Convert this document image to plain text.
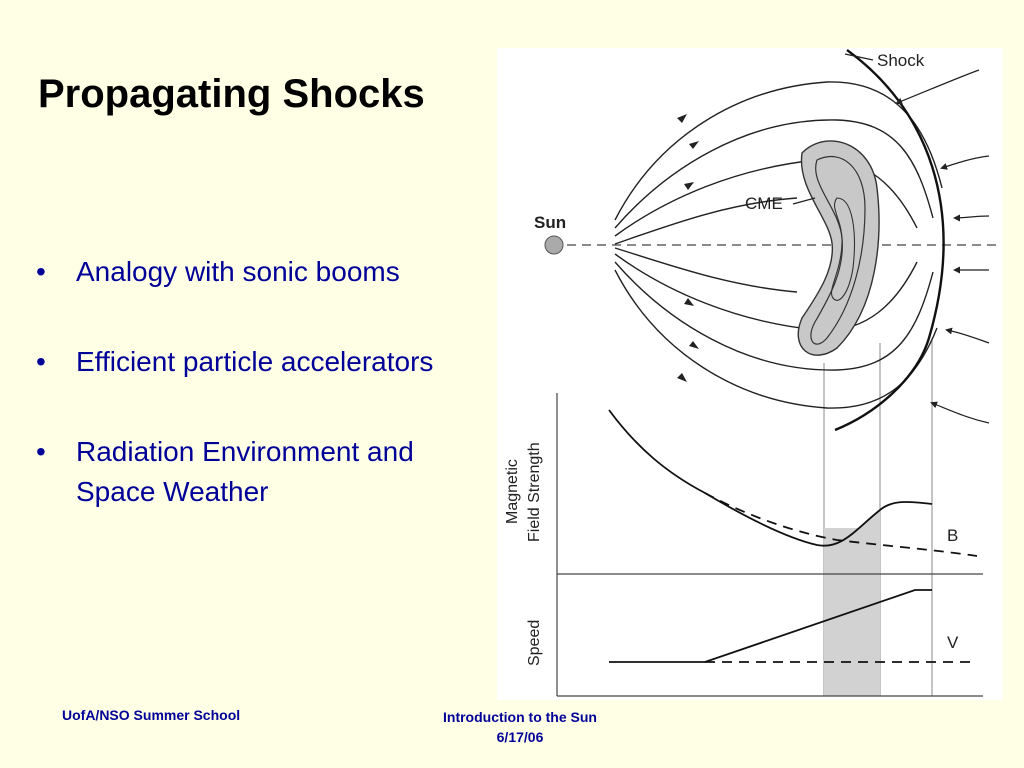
Propagating Shocks
• Analogy with sonic booms
• Efficient particle accelerators
• Radiation Environment and Space Weather
Sun
CME
Shock
Magnetic Field Strength	B
Speed	V
UofA/NSO Summer School	Introduction to the Sun
6/17/06
